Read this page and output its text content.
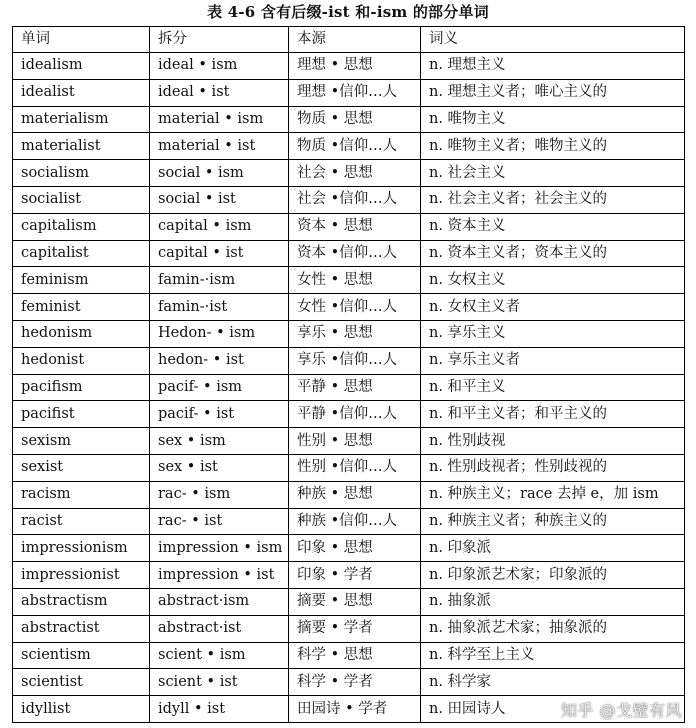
表 4-6 含有后缀-ist 和-ism 的部分单词
单词	拆分	本源	词义
idealism	ideal • ism	理想 • 思想	n. 理想主义
idealist	ideal • ist	理想 •信仰…人	n. 理想主义者；唯心主义的
materialism	material • ism	物质 • 思想	n. 唯物主义
materialist	material • ist	物质 •信仰…人	n. 唯物主义者；唯物主义的
socialism	social • ism	社会 • 思想	n. 社会主义
socialist	social • ist	社会 •信仰…人	n. 社会主义者；社会主义的
capitalism	capital • ism	资本 • 思想	n. 资本主义
capitalist	capital • ist	资本 •信仰…人	n. 资本主义者；资本主义的
feminism	famin-·ism	女性 • 思想	n. 女权主义
feminist	famin-·ist	女性 •信仰…人	n. 女权主义者
hedonism	Hedon- • ism	享乐 • 思想	n. 享乐主义
hedonist	hedon- • ist	享乐 •信仰…人	n. 享乐主义者
pacifism	pacif- • ism	平静 • 思想	n. 和平主义
pacifist	pacif- • ist	平静 •信仰…人	n. 和平主义者；和平主义的
sexism	sex • ism	性别 • 思想	n. 性别歧视
sexist	sex • ist	性别 •信仰…人	n. 性别歧视者；性别歧视的
racism	rac- • ism	种族 • 思想	n. 种族主义；race 去掉 e，加 ism
racist	rac- • ist	种族 •信仰…人	n. 种族主义者；种族主义的
impressionism	impression • ism	印象 • 思想	n. 印象派
impressionist	impression • ist	印象 • 学者	n. 印象派艺术家；印象派的
abstractism	abstract·ism	摘要 • 思想	n. 抽象派
abstractist	abstract·ist	摘要 • 学者	n. 抽象派艺术家；抽象派的
scientism	scient • ism	科学 • 思想	n. 科学至上主义
scientist	scient • ist	科学 • 学者	n. 科学家
idyllist	idyll • ist	田园诗 • 学者	n. 田园诗人	知乎 @戈壁有风
